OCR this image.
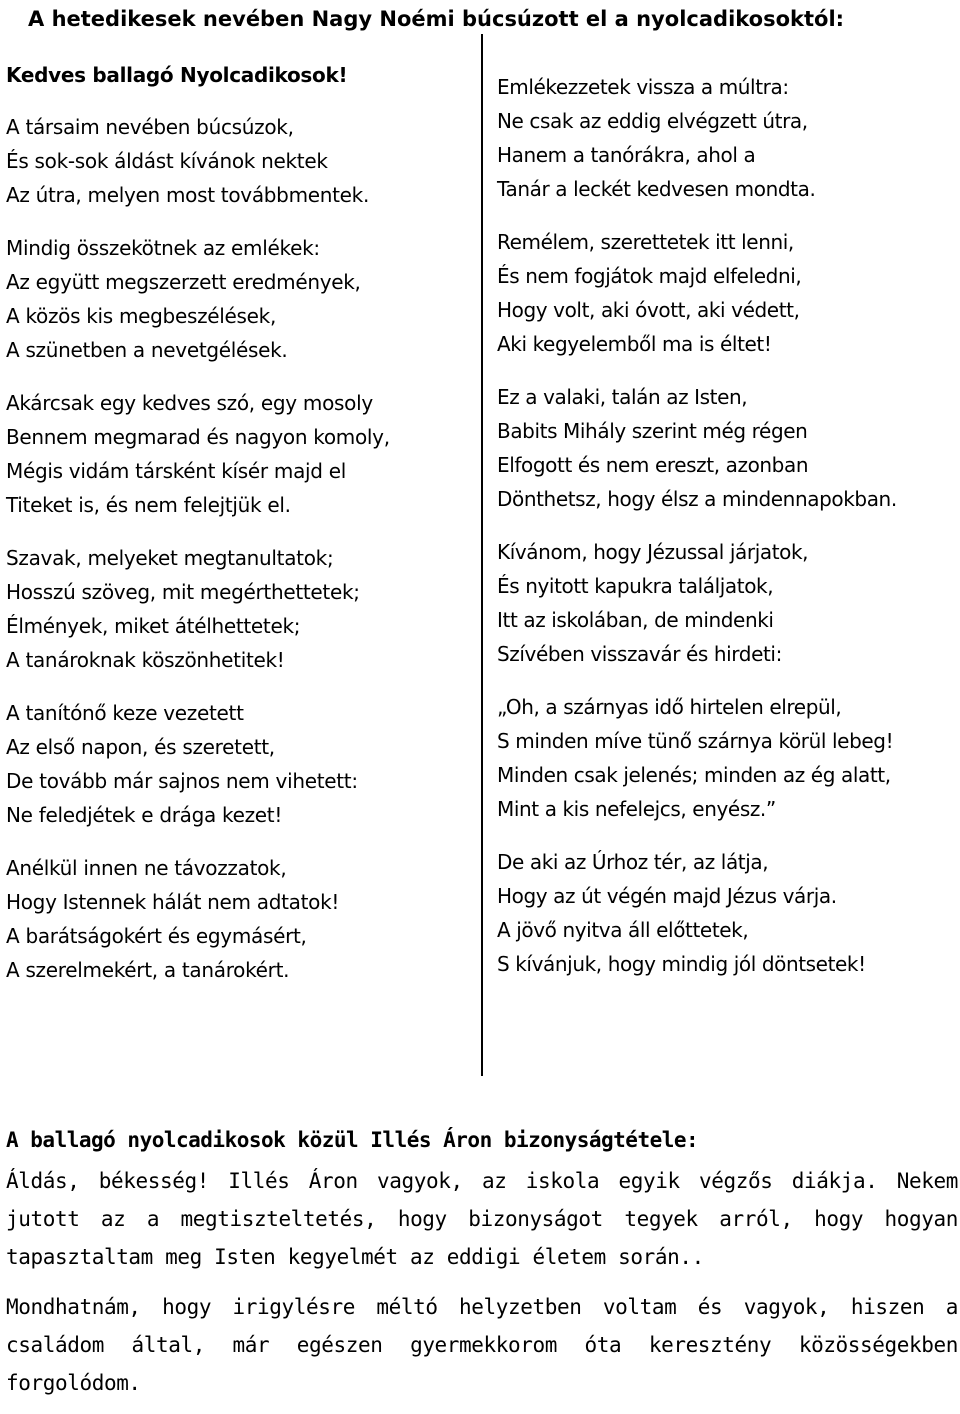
A hetedikesek nevében Nagy Noémi búcsúzott el a nyolcadikosoktól:
Kedves ballagó Nyolcadikosok!
A társaim nevében búcsúzok,
És sok-sok áldást kívánok nektek
Az útra, melyen most továbbmentek.
Mindig összekötnek az emlékek:
Az együtt megszerzett eredmények,
A közös kis megbeszélések,
A szünetben a nevetgélések.
Akárcsak egy kedves szó, egy mosoly
Bennem megmarad és nagyon komoly,
Mégis vidám társként kísér majd el
Titeket is, és nem felejtjük el.
Szavak, melyeket megtanultatok;
Hosszú szöveg, mit megérthettetek;
Élmények, miket átélhettetek;
A tanároknak köszönhetitek!
A tanítónő keze vezetett
Az első napon, és szeretett,
De tovább már sajnos nem vihetett:
Ne feledjétek e drága kezet!
Anélkül innen ne távozzatok,
Hogy Istennek hálát nem adtatok!
A barátságokért és egymásért,
A szerelmekért, a tanárokért.
Emlékezzetek vissza a múltra:
Ne csak az eddig elvégzett útra,
Hanem a tanórákra, ahol a
Tanár a leckét kedvesen mondta.
Remélem, szerettetek itt lenni,
És nem fogjátok majd elfeledni,
Hogy volt, aki óvott, aki védett,
Aki kegyelemből ma is éltet!
Ez a valaki, talán az Isten,
Babits Mihály szerint még régen
Elfogott és nem ereszt, azonban
Dönthetsz, hogy élsz a mindennapokban.
Kívánom, hogy Jézussal járjatok,
És nyitott kapukra találjatok,
Itt az iskolában, de mindenki
Szívében visszavár és hirdeti:
„Oh, a szárnyas idő hirtelen elrepül,
S minden míve tünő szárnya körül lebeg!
Minden csak jelenés; minden az ég alatt,
Mint a kis nefelejcs, enyész.”
De aki az Úrhoz tér, az látja,
Hogy az út végén majd Jézus várja.
A jövő nyitva áll előttetek,
S kívánjuk, hogy mindig jól döntsetek!
A ballagó nyolcadikosok közül Illés Áron bizonyságtétele:

Áldás, békesség! Illés Áron vagyok, az iskola egyik végzős diákja. Nekem jutott az a megtiszteltetés, hogy bizonyságot tegyek arról, hogy hogyan tapasztaltam meg Isten kegyelmét az eddigi életem során..

Mondhatnám, hogy irigylésre méltó helyzetben voltam és vagyok, hiszen a családom által, már egészen gyermekkorom óta keresztény közösségekben forgolódom.
